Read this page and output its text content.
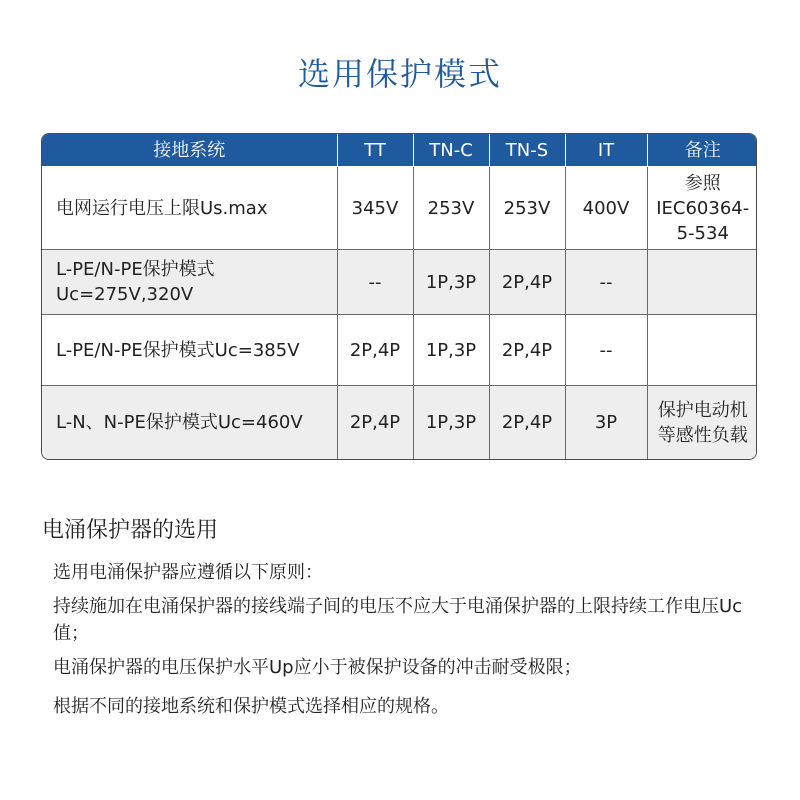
选用保护模式
接地系统	TT	TN-C	TN-S	IT	备注
电网运行电压上限Us.max	345V	253V	253V	400V	参照IEC60364-5-534
L-PE/N-PE保护模式Uc=275V,320V	--	1P,3P	2P,4P	--	
L-PE/N-PE保护模式Uc=385V	2P,4P	1P,3P	2P,4P	--	
L-N、N-PE保护模式Uc=460V	2P,4P	1P,3P	2P,4P	3P	保护电动机等感性负载
电涌保护器的选用
选用电涌保护器应遵循以下原则：
持续施加在电涌保护器的接线端子间的电压不应大于电涌保护器的上限持续工作电压Uc值；
电涌保护器的电压保护水平Up应小于被保护设备的冲击耐受极限；
根据不同的接地系统和保护模式选择相应的规格。
